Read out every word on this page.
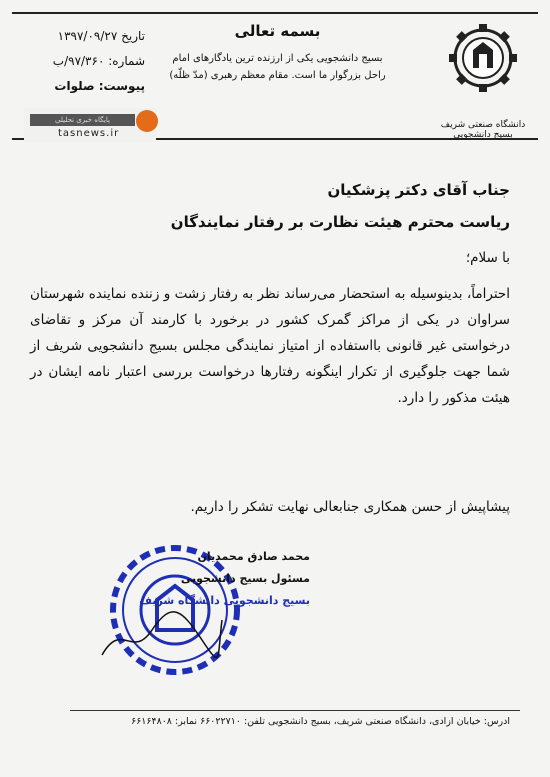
دانشگاه صنعتی شریف
بسیج دانشجویی
بسمه تعالی
بسیج دانشجویی یکی از ارزنده ترین یادگارهای امام
راحل بزرگوار ما است. مقام معظم رهبری (مدّ ظلّه)
تاریخ ۱۳۹۷/۰۹/۲۷
شماره: ۹۷/۳۶۰/ب
پیوست: صلوات
پایگاه خبری تحلیلی
tasnews.ir
جناب آقای دکتر پزشکیان
ریاست محترم هیئت نظارت بر رفتار نمایندگان
با سلام؛
احتراماً، بدینوسیله به استحضار می‌رساند نظر به رفتار زشت و زننده نماینده شهرستان سراوان در یکی از مراکز گمرک کشور در برخورد با کارمند آن مرکز و تقاضای درخواستی غیر قانونی بااستفاده از امتیاز نمایندگی مجلس بسیج دانشجویی شریف از شما جهت جلوگیری از تکرار اینگونه رفتارها درخواست بررسی اعتبار نامه ایشان در هیئت مذکور را دارد.
پیشاپیش از حسن همکاری جنابعالی نهایت تشکر را داریم.
محمد صادق محمدیان
مسئول بسیج دانشجویی
بسیج دانشجویی دانشگاه شریف
ادرس: خیابان ازادی، دانشگاه صنعتی شریف، بسیج دانشجویی تلفن: ۶۶۰۲۲۷۱۰ نمابر: ۶۶۱۶۴۸۰۸
